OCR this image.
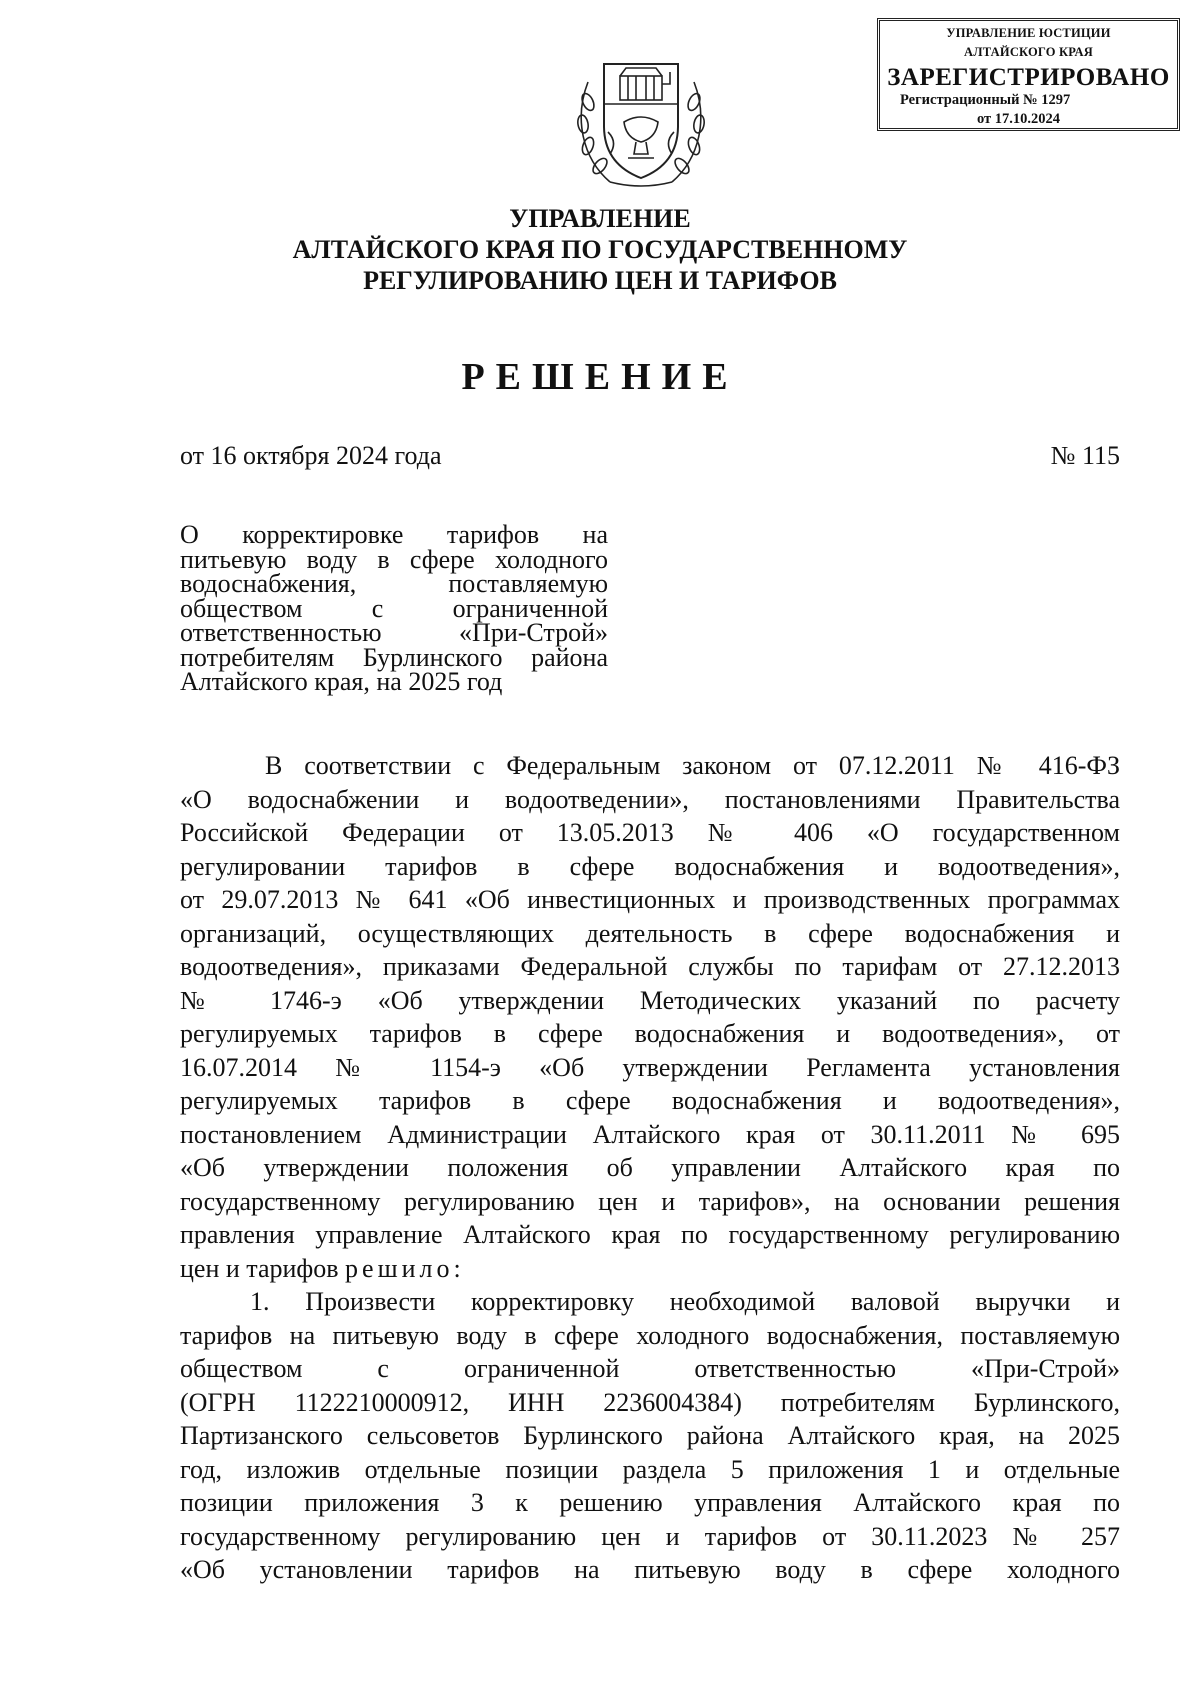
УПРАВЛЕНИЕ ЮСТИЦИИ
АЛТАЙСКОГО КРАЯ
ЗАРЕГИСТРИРОВАНО
Регистрационный № 1297
от 17.10.2024
УПРАВЛЕНИЕ
АЛТАЙСКОГО КРАЯ ПО ГОСУДАРСТВЕННОМУ
РЕГУЛИРОВАНИЮ ЦЕН И ТАРИФОВ
РЕШЕНИЕ
от 16 октября 2024 года	№ 115
О корректировке тарифов на
питьевую воду в сфере холодного
водоснабжения, поставляемую
обществом с ограниченной
ответственностью «При-Строй»
потребителям Бурлинского района
Алтайского края, на 2025 год
В соответствии с Федеральным законом от 07.12.2011 № 416-ФЗ
«О водоснабжении и водоотведении», постановлениями Правительства
Российской Федерации от 13.05.2013 № 406 «О государственном
регулировании тарифов в сфере водоснабжения и водоотведения»,
от 29.07.2013 № 641 «Об инвестиционных и производственных программах
организаций, осуществляющих деятельность в сфере водоснабжения и
водоотведения», приказами Федеральной службы по тарифам от 27.12.2013
№ 1746-э «Об утверждении Методических указаний по расчету
регулируемых тарифов в сфере водоснабжения и водоотведения», от
16.07.2014 № 1154-э «Об утверждении Регламента установления
регулируемых тарифов в сфере водоснабжения и водоотведения»,
постановлением Администрации Алтайского края от 30.11.2011 № 695
«Об утверждении положения об управлении Алтайского края по
государственному регулированию цен и тарифов», на основании решения
правления управление Алтайского края по государственному регулированию
цен и тарифов решило:
1. Произвести корректировку необходимой валовой выручки и
тарифов на питьевую воду в сфере холодного водоснабжения, поставляемую
обществом с ограниченной ответственностью «При-Строй»
(ОГРН 1122210000912, ИНН 2236004384) потребителям Бурлинского,
Партизанского сельсоветов Бурлинского района Алтайского края, на 2025
год, изложив отдельные позиции раздела 5 приложения 1 и отдельные
позиции приложения 3 к решению управления Алтайского края по
государственному регулированию цен и тарифов от 30.11.2023 № 257
«Об установлении тарифов на питьевую воду в сфере холодного
